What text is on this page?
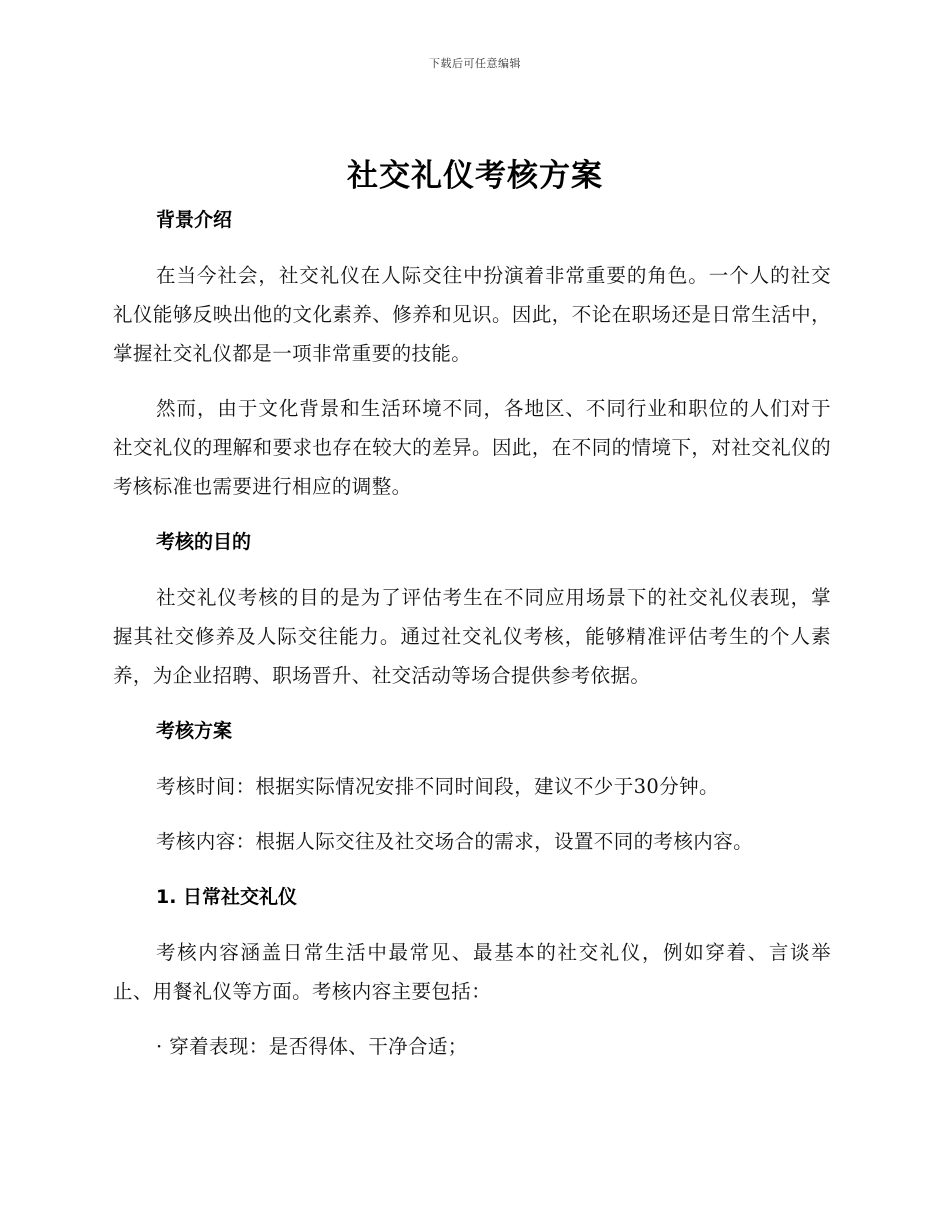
下载后可任意编辑
社交礼仪考核方案
背景介绍

在当今社会，社交礼仪在人际交往中扮演着非常重要的角色。一个人的社交礼仪能够反映出他的文化素养、修养和见识。因此，不论在职场还是日常生活中，掌握社交礼仪都是一项非常重要的技能。

然而，由于文化背景和生活环境不同，各地区、不同行业和职位的人们对于社交礼仪的理解和要求也存在较大的差异。因此，在不同的情境下，对社交礼仪的考核标准也需要进行相应的调整。

考核的目的

社交礼仪考核的目的是为了评估考生在不同应用场景下的社交礼仪表现，掌握其社交修养及人际交往能力。通过社交礼仪考核，能够精准评估考生的个人素养，为企业招聘、职场晋升、社交活动等场合提供参考依据。

考核方案

考核时间：根据实际情况安排不同时间段，建议不少于30分钟。

考核内容：根据人际交往及社交场合的需求，设置不同的考核内容。

1. 日常社交礼仪

考核内容涵盖日常生活中最常见、最基本的社交礼仪，例如穿着、言谈举止、用餐礼仪等方面。考核内容主要包括：

· 穿着表现：是否得体、干净合适；
